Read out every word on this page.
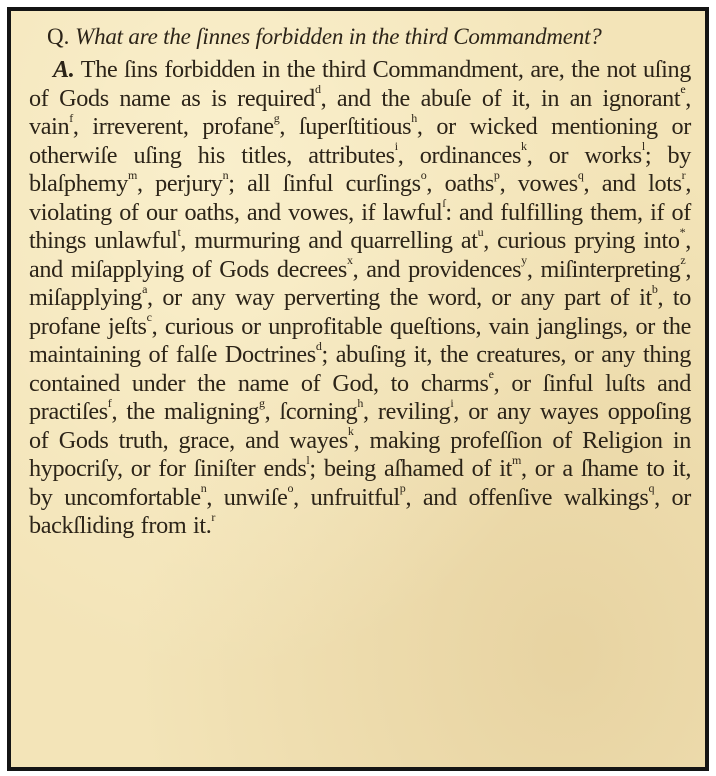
Q. What are the ſinnes forbidden in the third Commandment?

A. The ſins forbidden in the third Commandment, are, the not uſing of Gods name as is required$^d$, and the abuſe of it, in an ignorant$^e$, vain$^f$, irreverent, profane$^g$, ſuperſtitious$^h$, or wicked mentioning or otherwiſe uſing his titles, attributes$^i$, ordinances$^k$, or works$^l$; by blaſphemy$^m$, perjury$^n$; all ſinful curſings$^o$, oaths$^p$, vowes$^q$, and lots$^r$, violating of our oaths, and vowes, if lawful$^ſ$: and fulfilling them, if of things unlawful$^t$, murmuring and quarrelling $at^u$, curious prying into*, and miſapplying of Gods decrees$^x$, and providences$^y$, miſinterpreting$^z$, miſapplying$^a$, or any way perverting the word, or any part of $it^b$, to profane jeſts$^c$, curious or unprofitable queſtions, vain janglings, or the maintaining of falſe Doctrines$^d$; abuſing it, the creatures, or any thing contained under the name of God, to charms$^e$, or ſinful luſts and practiſes$^f$, the maligning$^g$, ſcorning$^h$, reviling$^i$, or any wayes oppoſing of Gods truth, grace, and wayes$^k$, making profeſſion of Religion in hypocriſy, or for ſiniſter ends$^l$; being aſhamed of $it^m$, or a ſhame to it, by uncomfortable$^n$, unwiſe$^o$, unfruitful$^p$, and offenſive walkings$^q$, or backſliding from it.$^r$
